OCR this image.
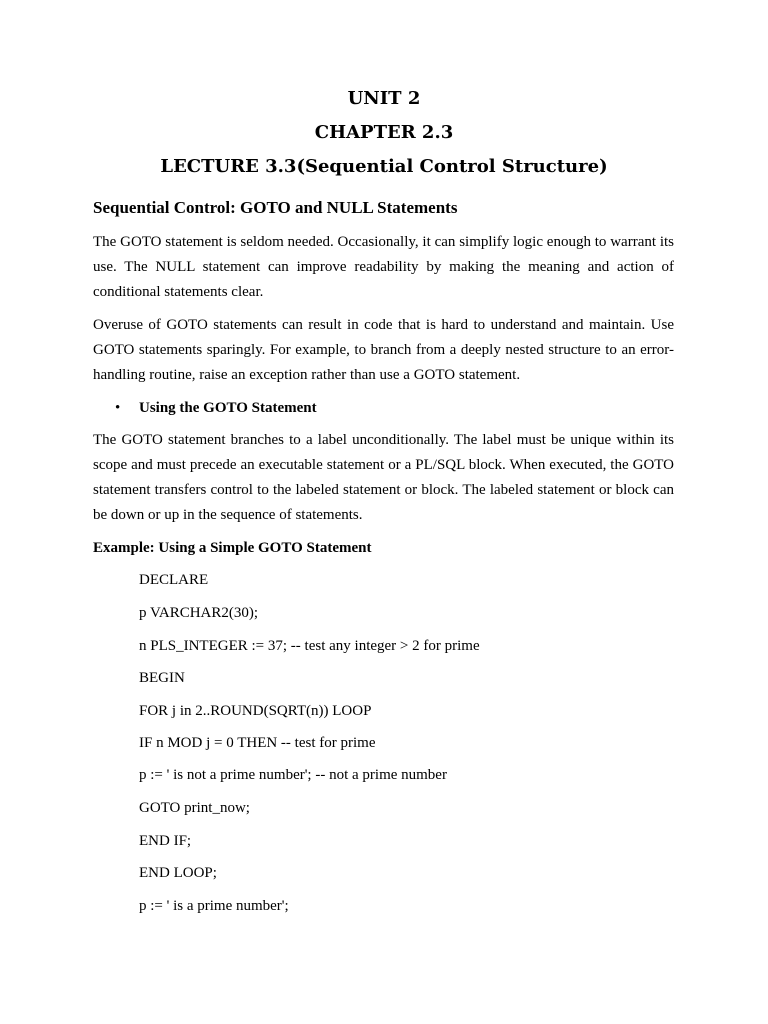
UNIT 2
CHAPTER 2.3
LECTURE 3.3(Sequential Control Structure)
Sequential Control: GOTO and NULL Statements
The GOTO statement is seldom needed. Occasionally, it can simplify logic enough to warrant its use. The NULL statement can improve readability by making the meaning and action of conditional statements clear.
Overuse of GOTO statements can result in code that is hard to understand and maintain. Use GOTO statements sparingly. For example, to branch from a deeply nested structure to an error-handling routine, raise an exception rather than use a GOTO statement.
• Using the GOTO Statement
The GOTO statement branches to a label unconditionally. The label must be unique within its scope and must precede an executable statement or a PL/SQL block. When executed, the GOTO statement transfers control to the labeled statement or block. The labeled statement or block can be down or up in the sequence of statements.
Example: Using a Simple GOTO Statement
DECLARE
p VARCHAR2(30);
n PLS_INTEGER := 37; -- test any integer > 2 for prime
BEGIN
FOR j in 2..ROUND(SQRT(n)) LOOP
IF n MOD j = 0 THEN -- test for prime
p := ' is not a prime number'; -- not a prime number
GOTO print_now;
END IF;
END LOOP;
p := ' is a prime number';
